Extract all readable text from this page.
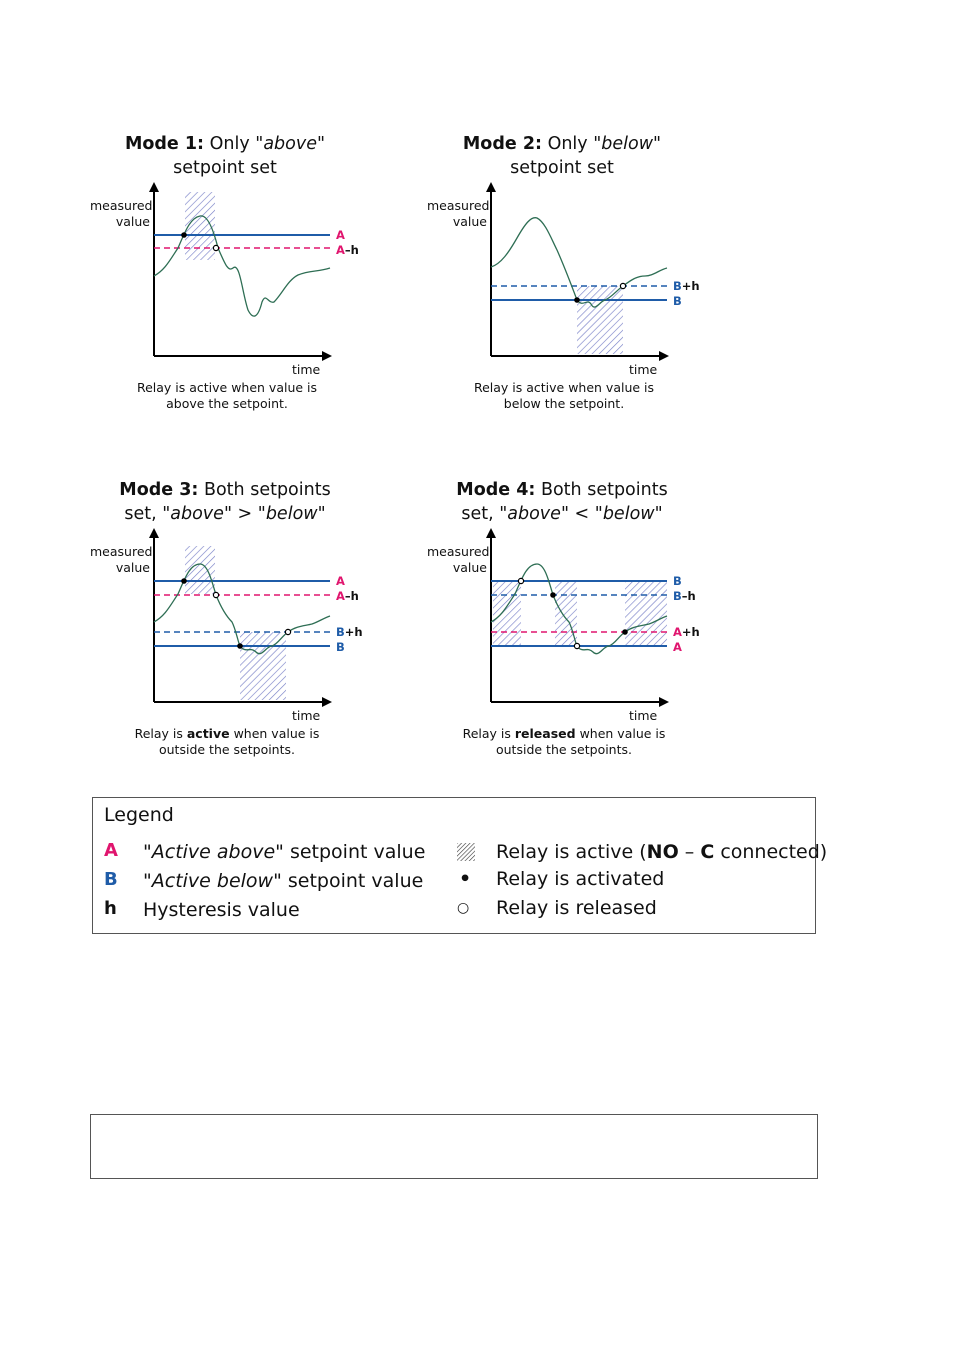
Mode 1: Only "above"
setpoint set
measured
value
A
A–h
time
Relay is active when value is
above the setpoint.
Mode 2: Only "below"
setpoint set
measured
value
B+h
B
time
Relay is active when value is
below the setpoint.
Mode 3: Both setpoints
set, "above" > "below"
measured
value
A
A–h
B+h
B
time
Relay is active when value is
outside the setpoints.
Mode 4: Both setpoints
set, "above" < "below"
measured
value
B
B–h
A+h
A
time
Relay is released when value is
outside the setpoints.
Legend
A "Active above" setpoint value
B "Active below" setpoint value
h Hysteresis value
Relay is active (NO – C connected)
• Relay is activated
○ Relay is released
